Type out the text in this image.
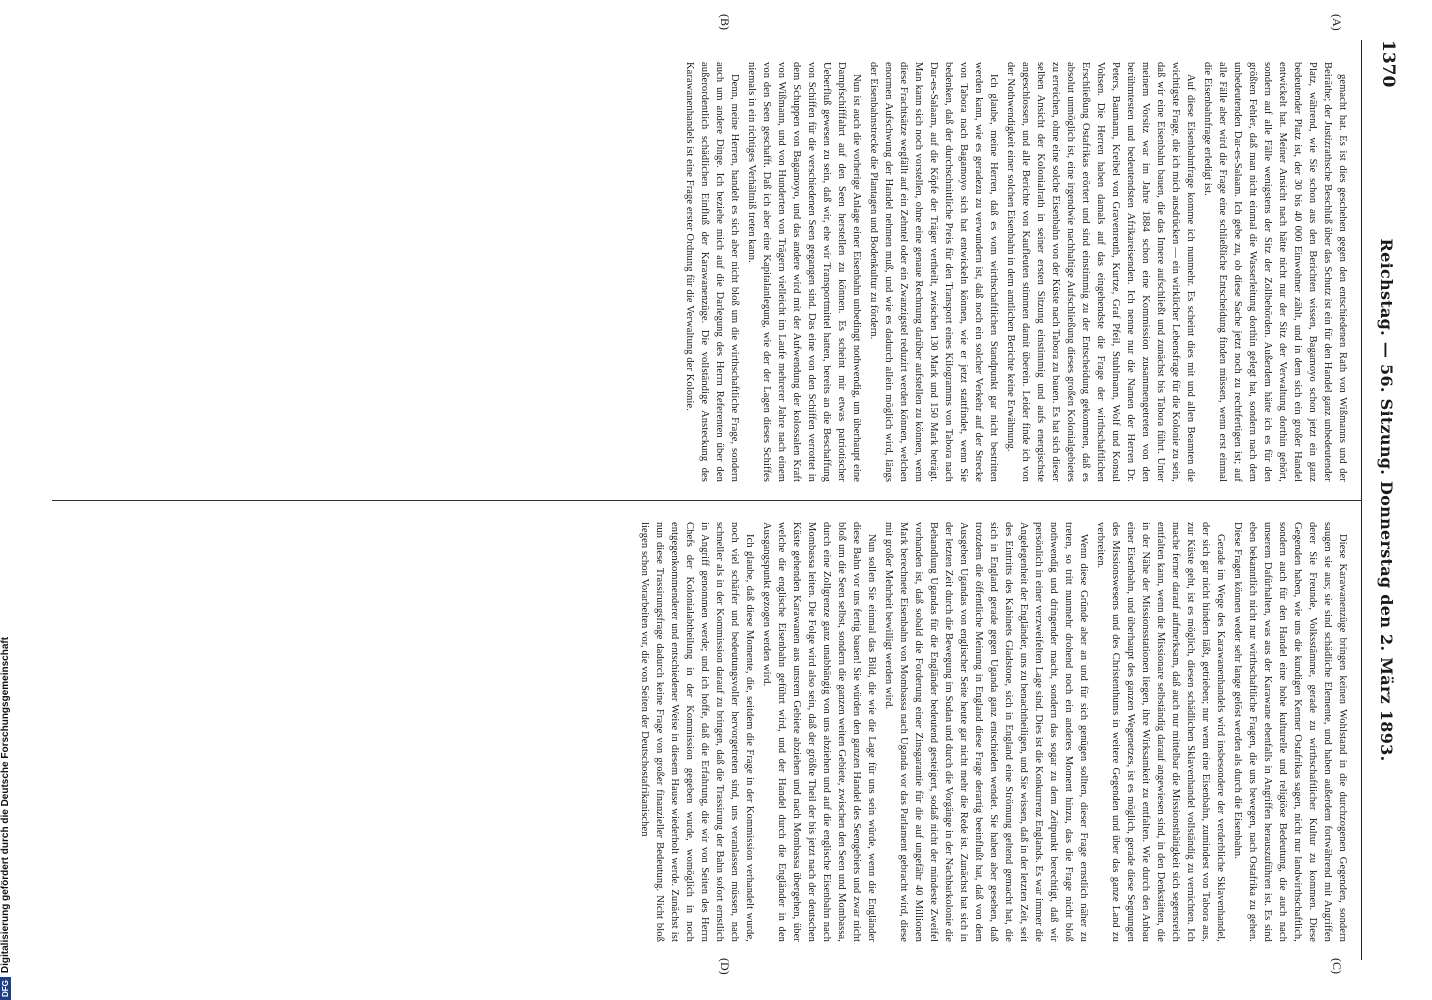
1370
Reichstag. — 56. Sitzung. Donnerstag den 2. März 1893.
(A)
(B)
(C)
(D)

gemacht hat. Es ist dies geschehen gegen den entschiedenen Rath von Wißmanns und der Beiräthe; der Justizrathsche Beschluß über das Schutz ist ein für den Handel ganz unbedeutender Platz, während, wie Sie schon aus den Berichten wissen, Bagamoyo schon jetzt ein ganz bedeutender Platz ist, der 30 bis 40 000 Einwohner zählt, und in dem sich ein großer Handel entwickelt hat. Meiner Ansicht nach hätte nicht nur der Sitz der Verwaltung dorthin gehört, sondern auf alle Fälle wenigstens der Sitz der Zollbehörden. Außerdem hätte ich es für den größten Fehler, daß man nicht einmal die Wasserleitung dorthin gelegt hat, sondern nach dem unbedeutenden Dar-es-Salaam. Ich gebe zu, ob diese Sache jetzt noch zu rechtfertigen ist; auf alle Fälle aber wird die Frage eine schließliche Entscheidung finden müssen, wenn erst einmal die Eisenbahnfrage erledigt ist.

Auf diese Eisenbahnfrage komme ich nunmehr. Es scheint dies mit und allen Beamten die wichtigste Frage, die ich mich ausdrücken — ein wirklicher Lebensfrage für die Kolonie zu sein, daß wir eine Eisenbahn bauen, die das Innere aufschließt und zunächst bis Tabora führt. Unter meinem Vorsitz war im Jahre 1884 schon eine Kommission zusammengetreten von den berühmtesten und bedeutendsten Afrikareisenden. Ich nenne nur die Namen der Herren Dr. Peters, Baumann, Kreibel von Gravenreuth, Kurtze, Graf Pfeil, Stuhlmann, Wolf und Konsul Vohsen. Die Herren haben damals auf das eingehendste die Frage der wirthschaftlichen Erschließung Ostafrikas erörtert und sind einstimmig zu der Entscheidung gekommen, daß es absolut unmöglich ist, eine irgendwie nachhaltige Aufschließung dieses großen Kolonialgebietes zu erreichen, ohne eine solche Eisenbahn von der Küste nach Tabora zu bauen. Es hat sich dieser selben Ansicht der Kolonialrath in seiner ersten Sitzung einstimmig und aufs energischste angeschlossen, und alle Berichte von Kaufleuten stimmen damit überein. Leider finde ich von der Nothwendigkeit einer solchen Eisenbahn in dem amtlichen Berichte keine Erwähnung.

Ich glaube, meine Herren, daß es vom wirthschaftlichen Standpunkt gar nicht bestritten werden kann, wie es geradezu zu verwundern ist, daß noch ein solcher Verkehr auf der Strecke von Tabora nach Bagamoyo sich hat entwickeln können, wie er jetzt stattfindet, wenn Sie bedenken, daß der durchschnittliche Preis für den Transport eines Kilogramms von Tabora nach Dar-es-Salaam, auf die Köpfe der Träger vertheilt, zwischen 130 Mark und 150 Mark beträgt. Man kann sich noch vorstellen, ohne eine genaue Rechnung darüber aufstellen zu können, wenn diese Frachtsätze wegfällt auf ein Zehntel oder ein Zwanzigstel reduzirt werden können, welchen enormen Aufschwung der Handel nehmen muß, und wie es dadurch allein möglich wird, längs der Eisenbahnstrecke die Plantagen und Bodenkultur zu fördern.

Nun ist auch die vorherige Anlage einer Eisenbahn unbedingt nothwendig, um überhaupt eine Dampfschifffahrt auf den Seen herstellen zu können. Es scheint mir etwas patriotischer Ueberfluß gewesen zu sein, daß wir, ehe wir Transportmittel hatten, bereits an die Beschaffung von Schiffen für die verschiedenen Seen gegangen sind. Das eine von den Schiffen verrottet in dem Schuppen von Bagamoyo, und das andere wird mit der Aufwendung der kolossalen Kraft von Wißmann, und von Hunderten von Trägern vielleicht im Laufe mehrerer Jahre nach einem von den Seen geschafft. Daß ich aber eine Kapitalanlegung, wie der der Lagen dieses Schiffes niemals in ein richtiges Verhältniß treten kann.

Denn, meine Herren, handelt es sich aber nicht bloß um die wirthschaftliche Frage, sondern auch um andere Dinge. Ich beziehe mich auf die Darlegung des Herrn Referenten über den außerordentlich schädlichen Einfluß der Karawanenzüge. Die vollständige Ansteckung des Karawanenhandels ist eine Frage erster Ordnung für die Verwaltung der Kolonie.

Diese Karawanenzüge bringen keinen Wohlstand in die durchzogenen Gegenden, sondern saugen sie aus; sie sind schädliche Elemente, und haben außerdem fortwährend mit Angriffen derer Sie Freunde, Volksstämme, gerade zu wirthschaftlicher Kultur zu kommen. Diese Gegenden haben, wie uns die kundigen Kenner Ostafrikas sagen, nicht nur landwirthschaftlich, sondern auch für den Handel eine hohe kulturelle und religiöse Bedeutung, die auch nach unserem Dafürhalten, was aus der Karawane ebenfalls in Angriffen herauszuführen ist. Es sind eben bekanntlich nicht nur wirthschaftliche Fragen, die uns bewegen, nach Ostafrika zu gehen. Diese Fragen können weder sehr lange gelöst werden als durch die Eisenbahn.

Gerade im Wege des Karawanenhandels wird insbesondere der verderbliche Sklavenhandel, der sich gar nicht hindern läßt, getrieben; nur wenn eine Eisenbahn, zumindest von Tabora aus, zur Küste geht, ist es möglich, diesen schädlichen Sklavenhandel vollständig zu vernichten. Ich mache ferner darauf aufmerksam, daß auch nur mittelbar die Missionsthätigkeit sich segensreich entfalten kann, wenn die Missionare selbständig darauf angewiesen sind, in den Denkstätten, die in der Nähe der Missionsstationen liegen, ihre Wirksamkeit zu entfalten. Wie durch den Anbau einer Eisenbahn, und überhaupt des ganzen Wegenetzes, ist es möglich, gerade diese Segnungen des Missionswesens und des Christenthums in weitere Gegenden und über das ganze Land zu verbreiten.

Wenn diese Gründe aber an und für sich genügen sollten, dieser Frage ernstlich näher zu treten, so tritt nunmehr drohend noch ein anderes Moment hinzu, das die Frage nicht bloß nothwendig und dringender macht, sondern das sogar zu dem Zeitpunkt berechtigt, daß wir persönlich in einer verzweifelten Lage sind. Dies ist die Konkurrenz Englands. Es war immer die Angelegenheit der Engländer, uns zu benachtheiligen, und Sie wissen, daß in der letzten Zeit, seit des Eintritts des Kabinets Gladstone, sich in England eine Strömung geltend gemacht hat, die sich in England gerade gegen Uganda ganz entschieden wendet. Sie haben aber gesehen, daß trotzdem die öffentliche Meinung in England diese Frage derartig beeinflußt hat, daß von dem Ausgeben Ugandas von englischer Seite heute gar nicht mehr die Rede ist. Zunächst hat sich in der letzten Zeit durch die Bewegung im Sudan und durch die Vorgänge in der Nachbarkolonie die Behandlung Ugandas für die Engländer bedeutend gesteigert, sodaß nicht der mindeste Zweifel vorhanden ist, daß sobald die Forderung einer Zinsgarantie für die auf ungefähr 40 Millionen Mark berechnete Eisenbahn von Mombassa nach Uganda vor das Parlament gebracht wird, diese mit großer Mehrheit bewilligt werden wird.

Nun sollen Sie einmal das Bild, die wie die Lage für uns sein würde, wenn die Engländer diese Bahn vor uns fertig bauen! Sie würden den ganzen Handel des Seengebiets und zwar nicht bloß um die Seen selbst, sondern die ganzen weiten Gebiete, zwischen den Seen und Mombassa, durch eine Zollgrenze ganz unabhängig von uns abziehen und auf die englische Eisenbahn nach Mombassa leiten. Die Folge wird also sein, daß der größte Theil der bis jetzt nach der deutschen Küste gehenden Karawanen aus unsrem Gebiete abziehen und nach Mombassa übergehen, über welche die englische Eisenbahn geführt wird, und der Handel durch die Engländer in den Ausgangspunkt gezogen werden wird.

Ich glaube, daß diese Momente, die, seitdem die Frage in der Kommission verhandelt wurde, noch viel schärfer und bedeutungsvoller hervorgetreten sind, uns veranlassen müssen, nach schneller als in der Kommission darauf zu bringen, daß die Trassirung der Bahn sofort ernstlich in Angriff genommen werde; und ich hoffe, daß die Erfahrung, die wir von Seiten des Herrn Chefs der Kolonialabtheilung in der Kommission gegeben wurde, womöglich in noch entgegenkommenderer und entschiedener Weise in diesem Hause wiederholt werde. Zunächst ist nun diese Trassirungsfrage dadurch keine Frage von großer finanzieller Bedeutung. Nicht bloß liegen schon Vorarbeiten vor, die von Seiten der Deutschostafrikanischen

DFGDigitalisierung gefördert durch die Deutsche Forschungsgemeinschaft
